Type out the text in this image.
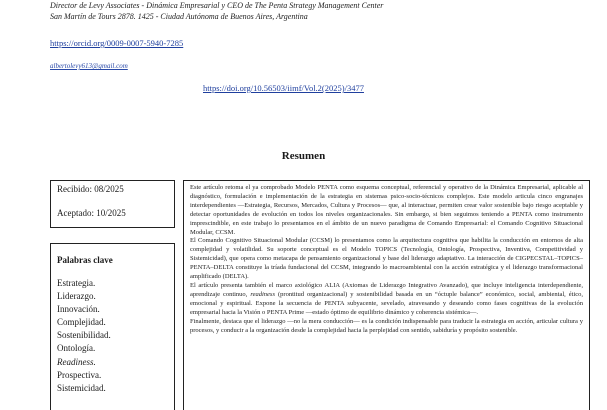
Director de Levy Associates - Dinámica Empresarial y CEO de The Penta Strategy Management Center
San Martín de Tours 2878. 1425 - Ciudad Autónoma de Buenos Aires, Argentina
https://orcid.org/0009-0007-5940-7285
albertolevy613@gmail.com
https://doi.org/10.56503/iimf/Vol.2(2025)/3477
Resumen
Recibido: 08/2025
Aceptado: 10/2025
Palabras clave
Estrategia.
Liderazgo.
Innovación.
Complejidad.
Sostenibilidad.
Ontología.
Readiness.
Prospectiva.
Sistemicidad.

Este artículo retoma el ya comprobado Modelo PENTA como esquema conceptual, referencial y operativo de la Dinámica Empresarial, aplicable al diagnóstico, formulación e implementación de la estrategia en sistemas psico-socio-técnicos complejos. Este modelo articula cinco engranajes interdependientes —Estrategia, Recursos, Mercados, Cultura y Procesos— que, al interactuar, permiten crear valor sostenible bajo riesgo aceptable y detectar oportunidades de evolución en todos los niveles organizacionales. Sin embargo, si bien seguimos teniendo a PENTA como instrumento imprescindible, en este trabajo lo presentamos en el ámbito de un nuevo paradigma de Comando Empresarial: el Comando Cognitivo Situacional Modular, CCSM.

El Comando Cognitivo Situacional Modular (CCSM) lo presentamos como la arquitectura cognitiva que habilita la conducción en entornos de alta complejidad y volatilidad. Su soporte conceptual es el Modelo TOPICS (Tecnología, Ontología, Prospectiva, Inventiva, Competitividad y Sistemicidad), que opera como metacapa de pensamiento organizacional y base del liderazgo adaptativo. La interacción de CIGPECSTAL–TOPICS–PENTA–DELTA constituye la tríada fundacional del CCSM, integrando lo macroambiental con la acción estratégica y el liderazgo transformacional amplificado (DELTA).

El artículo presenta también el marco axiológico ALIA (Axiomas de Liderazgo Integrativo Avanzado), que incluye inteligencia interdependiente, aprendizaje continuo, readiness (prontitud organizacional) y sostenibilidad basada en un “óctuple balance” económico, social, ambiental, ético, emocional y espiritual. Expone la secuencia de PENTA subyacente, sevelado, atravesando y deseando como fases cognitivas de la evolución empresarial hacia la Visión o PENTA Prime —estado óptimo de equilibrio dinámico y coherencia sistémica—.

Finalmente, destaca que el liderazgo —no la mera conducción— es la condición indispensable para traducir la estrategia en acción, articular cultura y procesos, y conducir a la organización desde la complejidad hacia la perplejidad con sentido, sabiduría y propósito sostenible.
